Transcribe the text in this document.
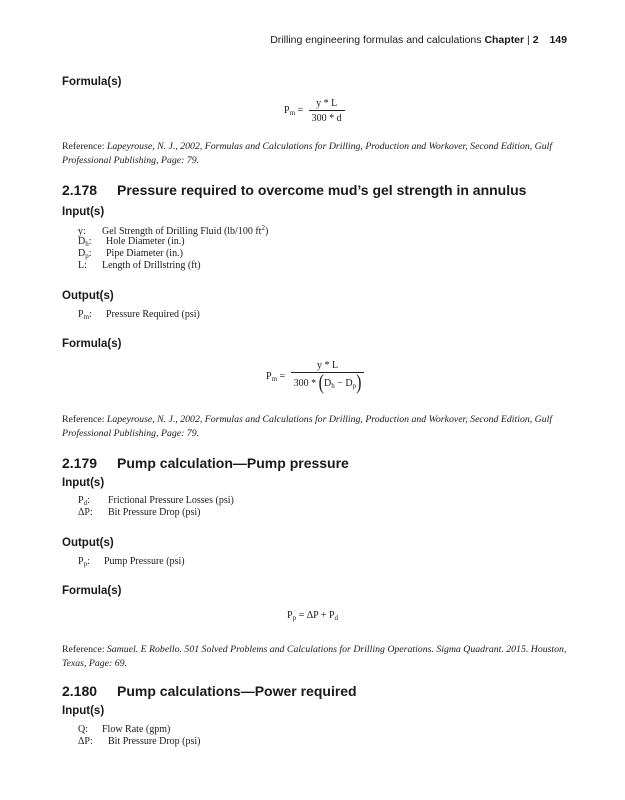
Drilling engineering formulas and calculations Chapter | 2 149
Formula(s)
$P_m = \frac{y * L}{300 * d}$
Reference: Lapeyrouse, N. J., 2002, Formulas and Calculations for Drilling, Production and Workover, Second Edition, Gulf Professional Publishing, Page: 79.
2.178 Pressure required to overcome mud’s gel strength in annulus
Input(s)
y: Gel Strength of Drilling Fluid (lb/100 $ft^2$)
$D_h$: Hole Diameter (in.)
$D_p$: Pipe Diameter (in.)
L: Length of Drillstring (ft)
Output(s)
$P_m$: Pressure Required (psi)
Formula(s)
$P_m = \frac{y * L}{300 * (D_h - D_p)}$
Reference: Lapeyrouse, N. J., 2002, Formulas and Calculations for Drilling, Production and Workover, Second Edition, Gulf Professional Publishing, Page: 79.
2.179 Pump calculation—Pump pressure
Input(s)
$P_d$: Frictional Pressure Losses (psi)
ΔP: Bit Pressure Drop (psi)
Output(s)
$P_p$: Pump Pressure (psi)
Formula(s)
$P_p = \Delta P + P_d$
Reference: Samuel. E Robello. 501 Solved Problems and Calculations for Drilling Operations. Sigma Quadrant. 2015. Houston, Texas, Page: 69.
2.180 Pump calculations—Power required
Input(s)
Q: Flow Rate (gpm)
ΔP: Bit Pressure Drop (psi)
